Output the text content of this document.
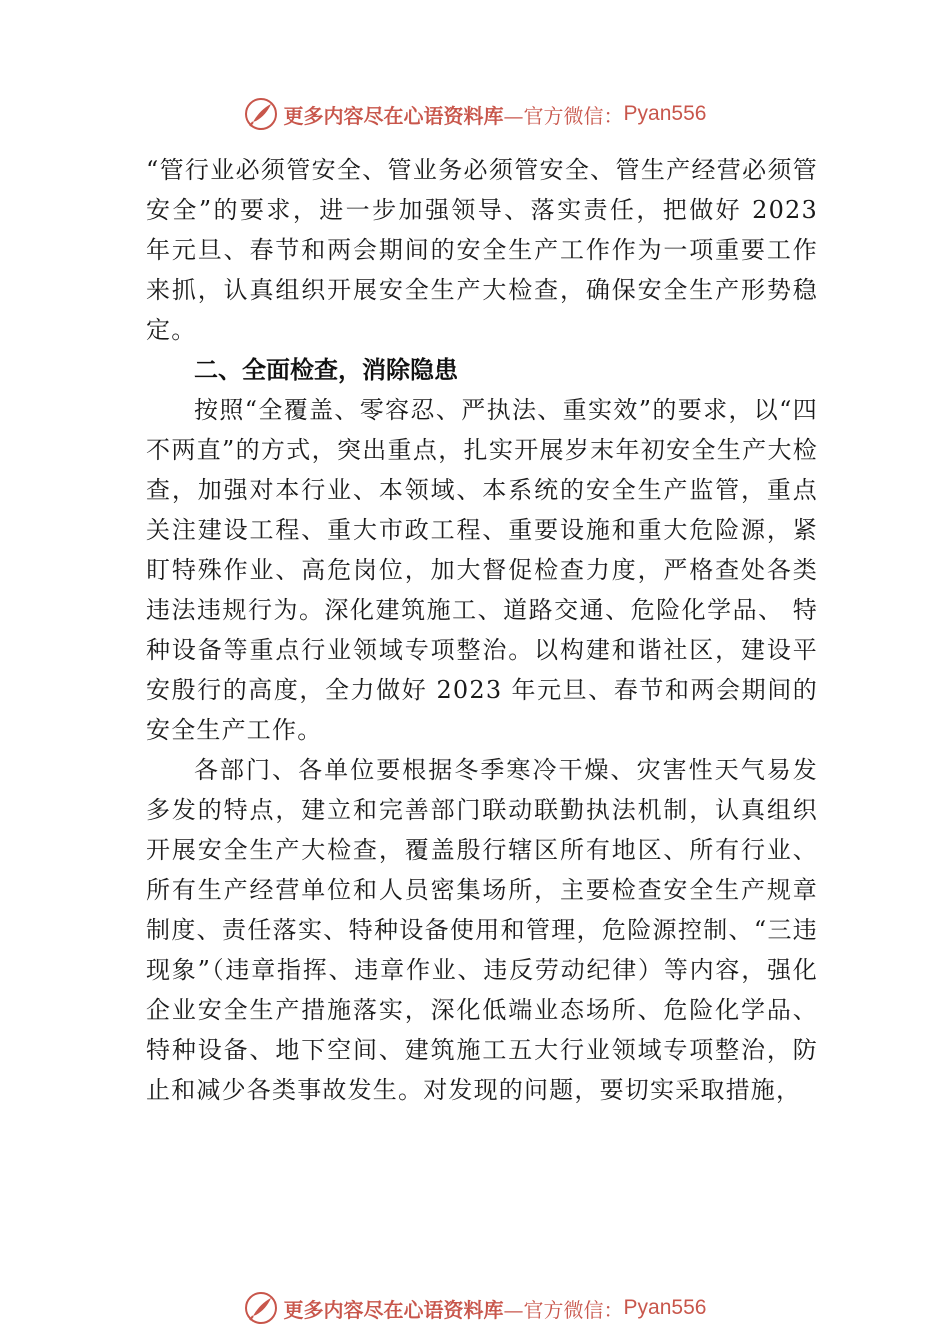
更多内容尽在心语资料库 —官方微信： Pyan556

“管行业必须管安全、管业务必须管安全、管生产经营必须管安全”的要求，进一步加强领导、落实责任，把做好 2023 年元旦、春节和两会期间的安全生产工作作为一项重要工作来抓，认真组织开展安全生产大检查，确保安全生产形势稳定。

二、全面检查，消除隐患

按照“全覆盖、零容忍、严执法、重实效”的要求，以“四不两直”的方式，突出重点，扎实开展岁末年初安全生产大检查，加强对本行业、本领域、本系统的安全生产监管，重点关注建设工程、重大市政工程、重要设施和重大危险源，紧盯特殊作业、高危岗位，加大督促检查力度，严格查处各类违法违规行为。深化建筑施工、道路交通、危险化学品、 特种设备等重点行业领域专项整治。以构建和谐社区，建设平安殷行的高度，全力做好 2023 年元旦、春节和两会期间的安全生产工作。

各部门、各单位要根据冬季寒冷干燥、灾害性天气易发多发的特点，建立和完善部门联动联勤执法机制，认真组织开展安全生产大检查，覆盖殷行辖区所有地区、所有行业、 所有生产经营单位和人员密集场所，主要检查安全生产规章制度、责任落实、特种设备使用和管理，危险源控制、“三违现象”（违章指挥、违章作业、违反劳动纪律）等内容，强化企业安全生产措施落实，深化低端业态场所、危险化学品、 特种设备、地下空间、建筑施工五大行业领域专项整治，防止和减少各类事故发生。对发现的问题，要切实采取措施，

更多内容尽在心语资料库 —官方微信： Pyan556
